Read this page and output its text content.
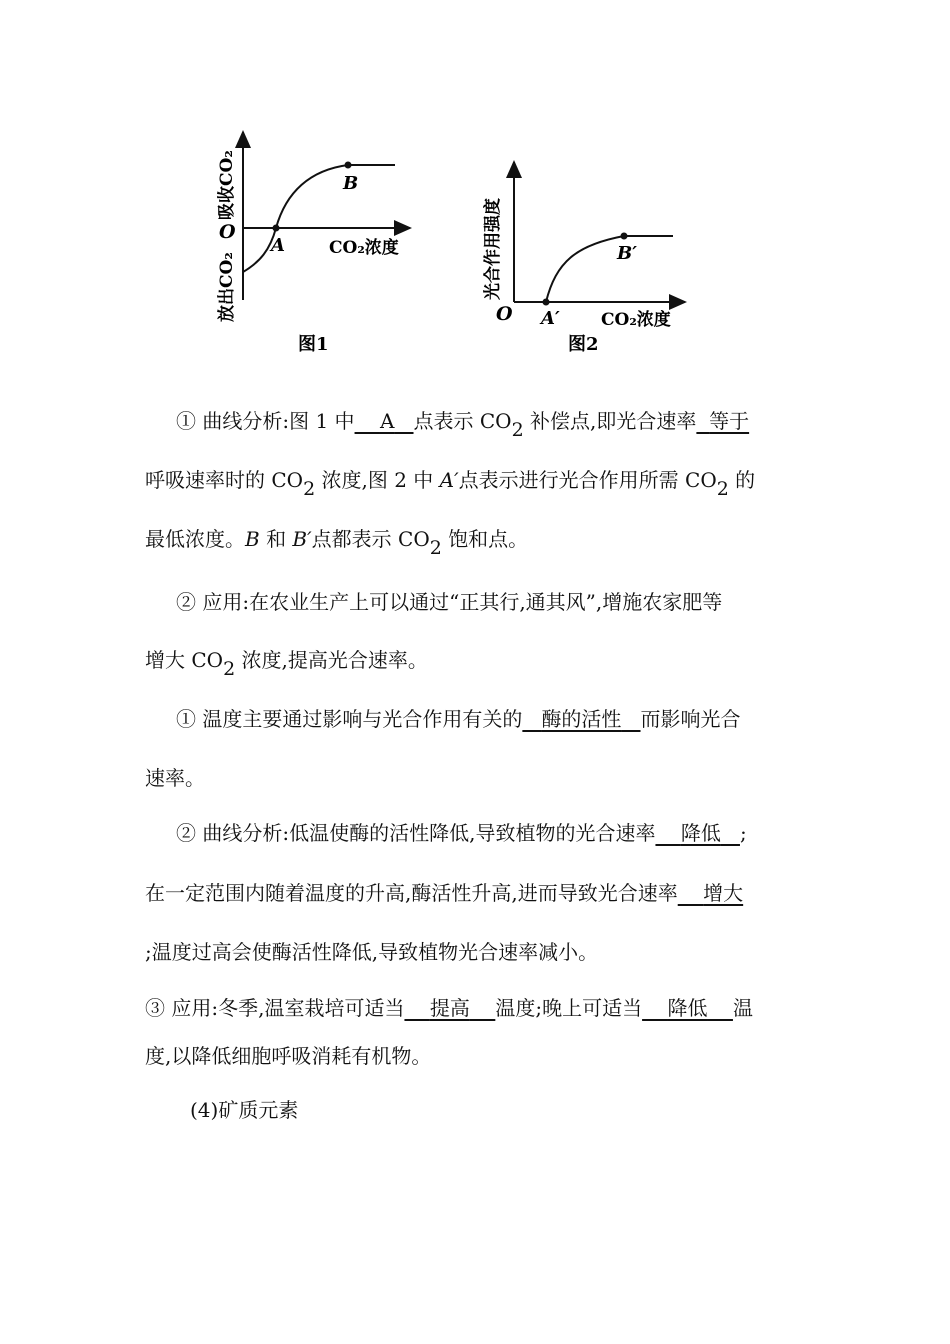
吸收CO₂
放出CO₂
O
A
B
CO₂浓度
图1
光合作用强度
O A′
B′
CO₂浓度
图2
① 曲线分析:图 1 中 A 点表示 CO2 补偿点,即光合速率 等于
呼吸速率时的 CO2 浓度,图 2 中 A′点表示进行光合作用所需 CO2 的
最低浓度。B 和 B′点都表示 CO2 饱和点。
② 应用:在农业生产上可以通过“正其行,通其风”,增施农家肥等
增大 CO2 浓度,提高光合速率。
① 温度主要通过影响与光合作用有关的 酶的活性 而影响光合
速率。
② 曲线分析:低温使酶的活性降低,导致植物的光合速率 降低 ;
在一定范围内随着温度的升高,酶活性升高,进而导致光合速率 增大
;温度过高会使酶活性降低,导致植物光合速率减小。
③ 应用:冬季,温室栽培可适当 提高 温度;晚上可适当 降低 温
度,以降低细胞呼吸消耗有机物。
(4)矿质元素
